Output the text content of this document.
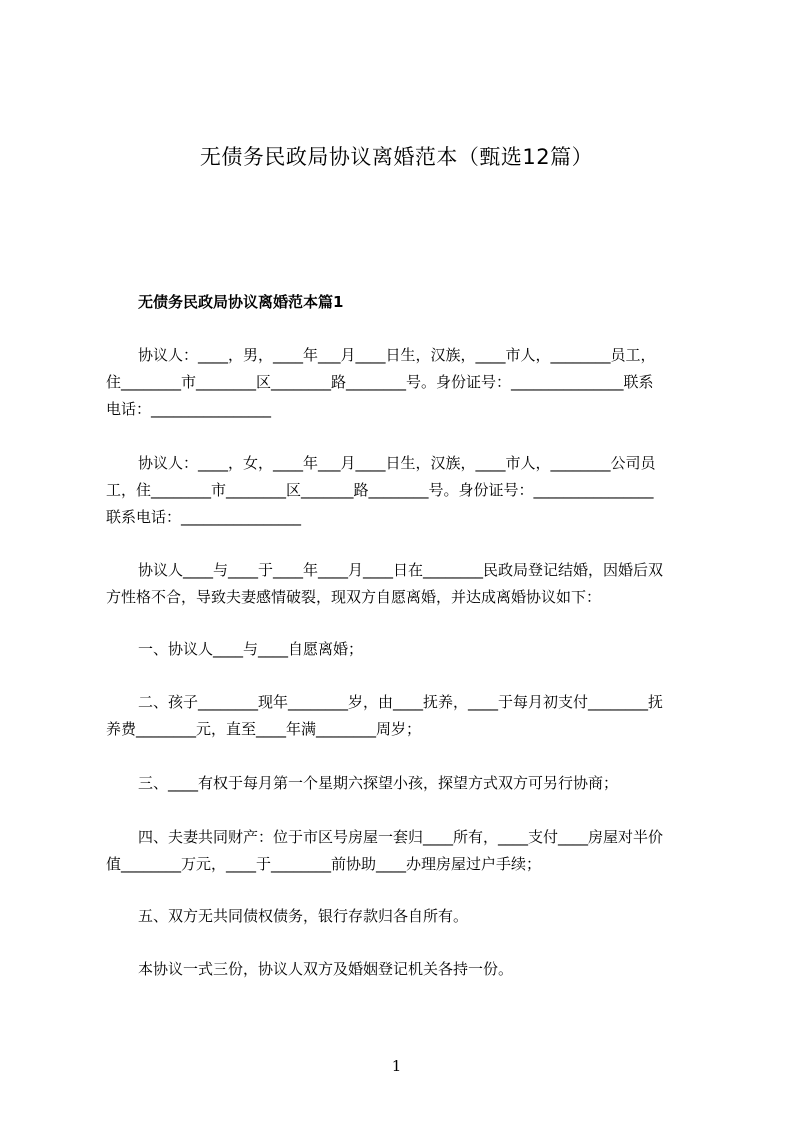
无债务民政局协议离婚范本（甄选12篇）
无债务民政局协议离婚范本篇1
协议人：____，男，____年___月____日生，汉族，____市人，________员工，
住________市________区________路________号。身份证号：_______________联系
电话：________________
协议人：____，女，____年___月____日生，汉族，____市人，________公司员
工，住________市________区_______路________号。身份证号：________________
联系电话：________________
协议人____与____于____年____月____日在________民政局登记结婚，因婚后双
方性格不合，导致夫妻感情破裂，现双方自愿离婚，并达成离婚协议如下：
一、协议人____与____自愿离婚；
二、孩子________现年________岁，由____抚养，____于每月初支付________抚
养费________元，直至____年满________周岁；
三、____有权于每月第一个星期六探望小孩，探望方式双方可另行协商；
四、夫妻共同财产：位于市区号房屋一套归____所有，____支付____房屋对半价
值________万元，____于________前协助____办理房屋过户手续；
五、双方无共同债权债务，银行存款归各自所有。
本协议一式三份，协议人双方及婚姻登记机关各持一份。
1
